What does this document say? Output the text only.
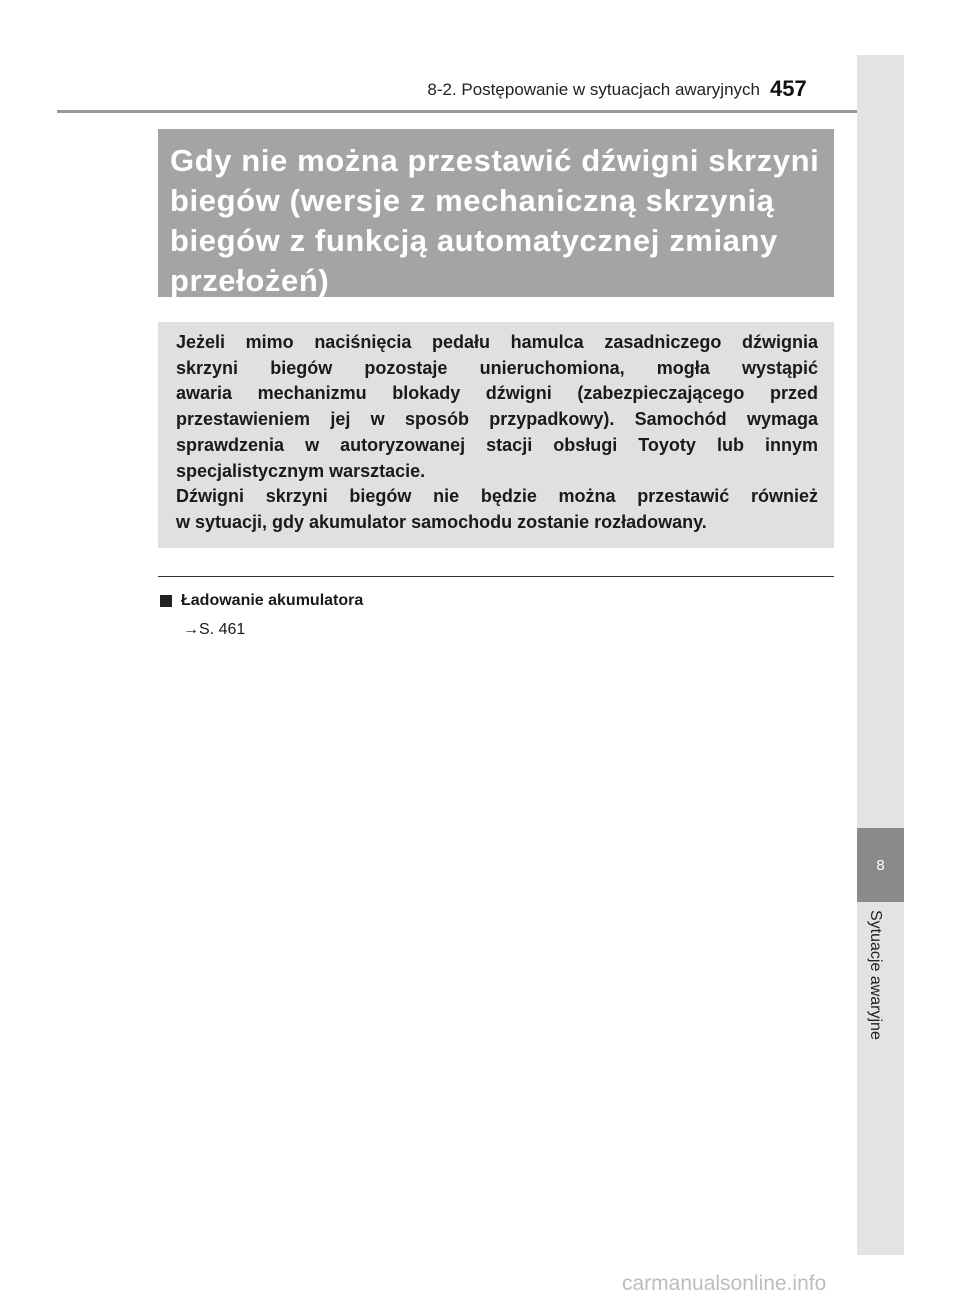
8-2. Postępowanie w sytuacjach awaryjnych 457
8
Sytuacje awaryjne

Gdy nie można przestawić dźwigni skrzyni

biegów (wersje z mechaniczną skrzynią

biegów z funkcją automatycznej zmiany

przełożeń)

Jeżeli mimo naciśnięcia pedału hamulca zasadniczego dźwignia

skrzyni biegów pozostaje unieruchomiona, mogła wystąpić

awaria mechanizmu blokady dźwigni (zabezpieczającego przed

przestawieniem jej w sposób przypadkowy). Samochód wymaga

sprawdzenia w autoryzowanej stacji obsługi Toyoty lub innym

specjalistycznym warsztacie.

Dźwigni skrzyni biegów nie będzie można przestawić również

w sytuacji, gdy akumulator samochodu zostanie rozładowany.

Ładowanie akumulatora
→S. 461
carmanualsonline.info
